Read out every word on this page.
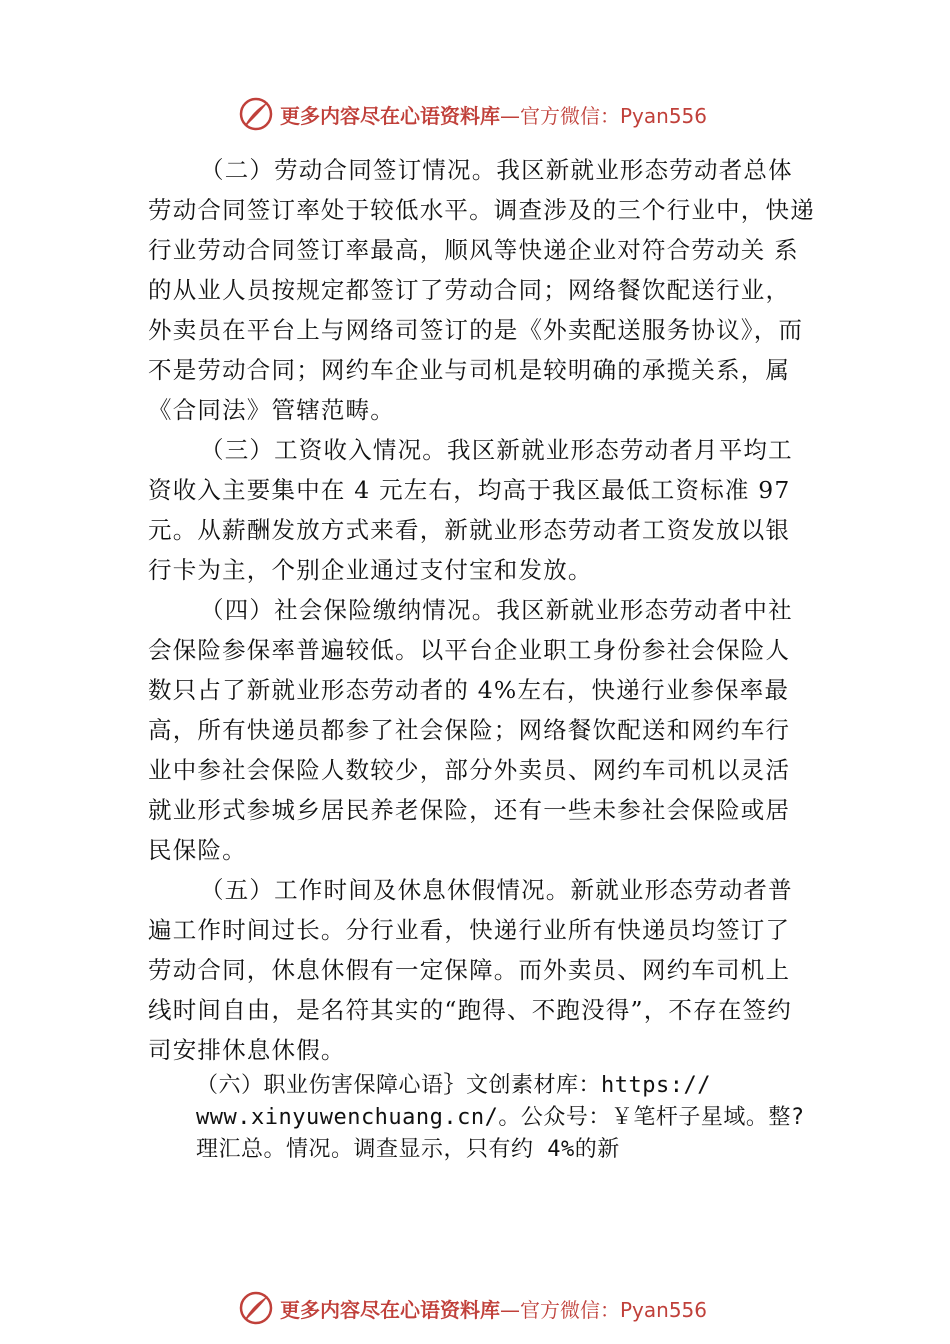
更多内容尽在心语资料库—官方微信：Pyan556
（二）劳动合同签订情况。我区新就业形态劳动者总体
劳动合同签订率处于较低水平。调查涉及的三个行业中，快递
行业劳动合同签订率最高，顺风等快递企业对符合劳动关 系
的从业人员按规定都签订了劳动合同；网络餐饮配送行业，
外卖员在平台上与网络司签订的是《外卖配送服务协议》，而
不是劳动合同；网约车企业与司机是较明确的承揽关系，属
《合同法》管辖范畴。
（三）工资收入情况。我区新就业形态劳动者月平均工
资收入主要集中在 4 元左右，均高于我区最低工资标准 97
元。从薪酬发放方式来看，新就业形态劳动者工资发放以银
行卡为主，个别企业通过支付宝和发放。
（四）社会保险缴纳情况。我区新就业形态劳动者中社
会保险参保率普遍较低。以平台企业职工身份参社会保险人
数只占了新就业形态劳动者的 4%左右，快递行业参保率最
高，所有快递员都参了社会保险；网络餐饮配送和网约车行
业中参社会保险人数较少，部分外卖员、网约车司机以灵活
就业形式参城乡居民养老保险，还有一些未参社会保险或居
民保险。
（五）工作时间及休息休假情况。新就业形态劳动者普
遍工作时间过长。分行业看，快递行业所有快递员均签订了
劳动合同，休息休假有一定保障。而外卖员、网约车司机上
线时间自由，是名符其实的“跑得、不跑没得”，不存在签约
司安排休息休假。
（六）职业伤害保障心语｝文创素材库：https://
www.xinyuwenchuang.cn/。公众号：￥笔杆子星域。整?
理汇总。情况。调查显示，只有约 4%的新
更多内容尽在心语资料库—官方微信：Pyan556
